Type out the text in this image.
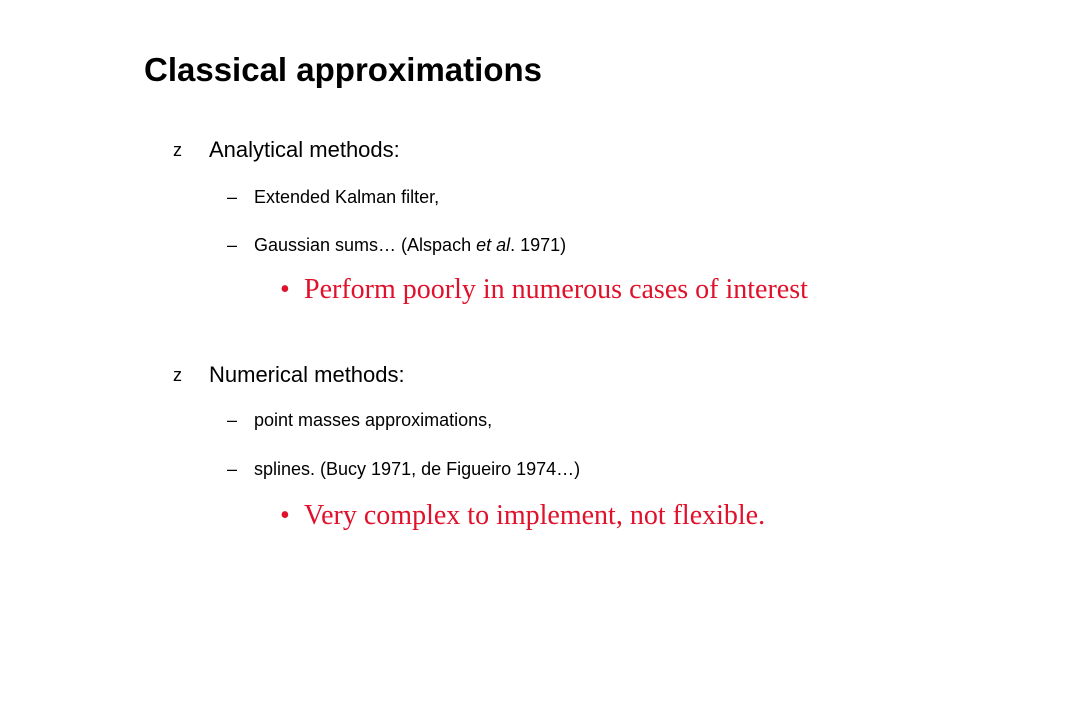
Classical approximations
z	Analytical methods:
– Extended Kalman filter,
– Gaussian sums… (Alspach et al. 1971)
• Perform poorly in numerous cases of interest
z	Numerical methods:
– point masses approximations,
– splines. (Bucy 1971, de Figueiro 1974…)
• Very complex to implement, not flexible.
